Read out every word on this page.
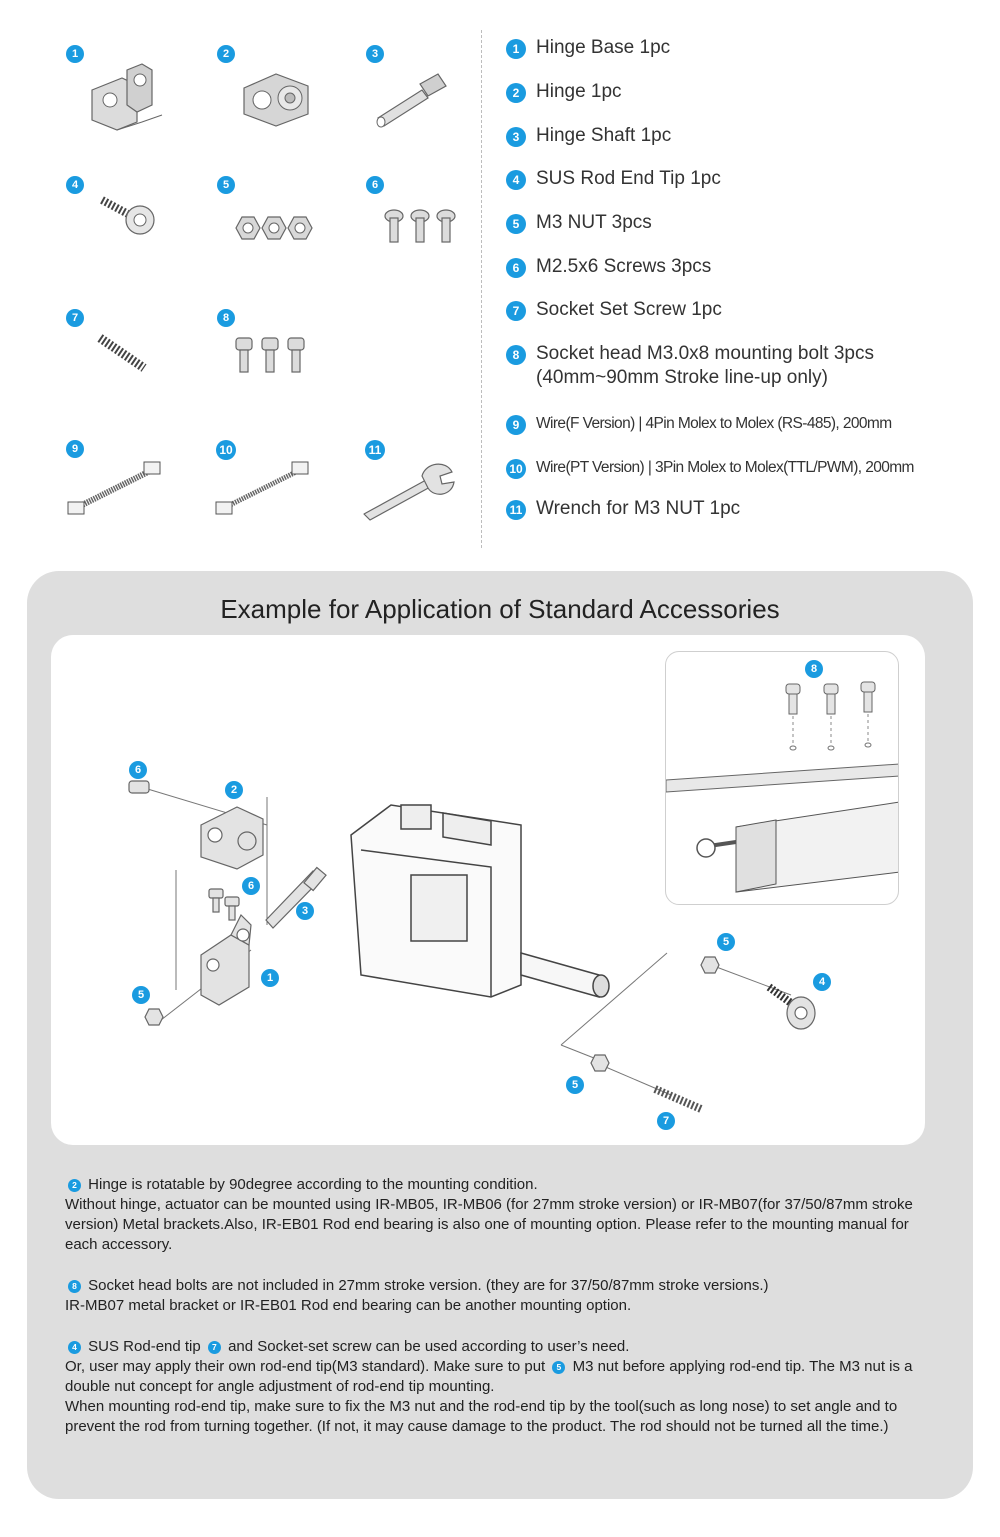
1	2	3
4	5	6
7	8
9	10	11
1 Hinge Base 1pc
2 Hinge 1pc
3 Hinge Shaft 1pc
4 SUS Rod End Tip 1pc
5 M3 NUT 3pcs
6 M2.5x6 Screws 3pcs
7 Socket Set Screw 1pc
8 Socket head M3.0x8 mounting bolt 3pcs
(40mm~90mm Stroke line-up only)
9	Wire(F Version) | 4Pin Molex to Molex (RS-485), 200mm
10 Wire(PT Version) | 3Pin Molex to Molex(TTL/PWM), 200mm
11 Wrench for M3 NUT 1pc
Example for Application of Standard Accessories
8
6
2
6
3
1
5
5
4
5
7

2 Hinge is rotatable by 90degree according to the mounting condition.

Without hinge, actuator can be mounted using IR-MB05, IR-MB06 (for 27mm stroke version) or IR-MB07(for 37/50/87mm stroke version) Metal brackets.Also, IR-EB01 Rod end bearing is also one of mounting option. Please refer to the mounting manual for each accessory.

8 Socket head bolts are not included in 27mm stroke version. (they are for 37/50/87mm stroke versions.)

IR-MB07 metal bracket or IR-EB01 Rod end bearing can be another mounting option.

4 SUS Rod-end tip 7 and Socket-set screw can be used according to user’s need.

Or, user may apply their own rod-end tip(M3 standard). Make sure to put 5 M3 nut before applying rod-end tip. The M3 nut is a double nut concept for angle adjustment of rod-end tip mounting.

When mounting rod-end tip, make sure to fix the M3 nut and the rod-end tip by the tool(such as long nose) to set angle and to prevent the rod from turning together. (If not, it may cause damage to the product. The rod should not be turned all the time.)
